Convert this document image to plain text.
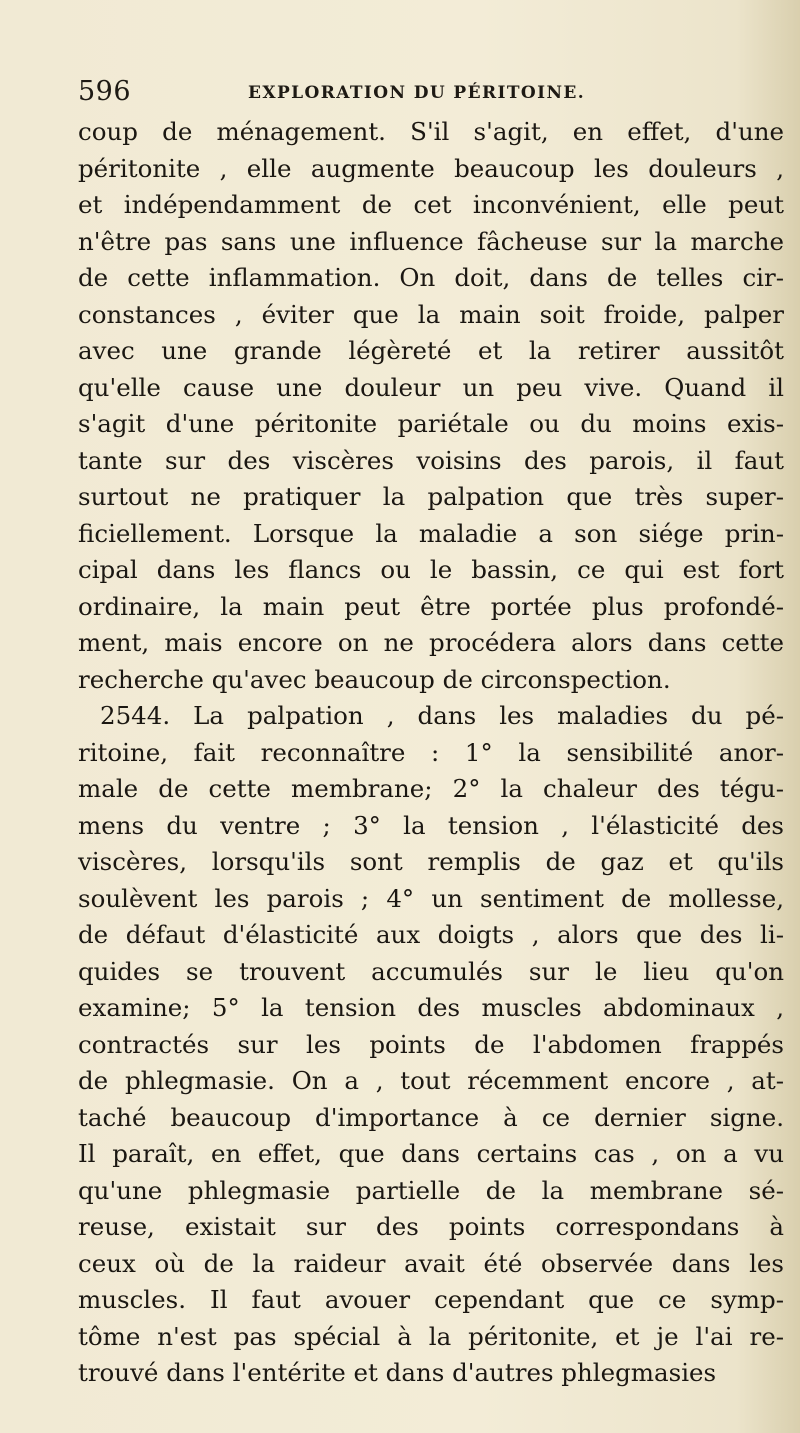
596	EXPLORATION DU PÉRITOINE.
coup de ménagement. S'il s'agit, en effet, d'une
péritonite , elle augmente beaucoup les douleurs ,
et indépendamment de cet inconvénient, elle peut
n'être pas sans une influence fâcheuse sur la marche
de cette inflammation. On doit, dans de telles cir-
constances , éviter que la main soit froide, palper
avec une grande légèreté et la retirer aussitôt
qu'elle cause une douleur un peu vive. Quand il
s'agit d'une péritonite pariétale ou du moins exis-
tante sur des viscères voisins des parois, il faut
surtout ne pratiquer la palpation que très super-
ficiellement. Lorsque la maladie a son siége prin-
cipal dans les flancs ou le bassin, ce qui est fort
ordinaire, la main peut être portée plus profondé-
ment, mais encore on ne procédera alors dans cette
recherche qu'avec beaucoup de circonspection.
2544. La palpation , dans les maladies du pé-
ritoine, fait reconnaître : 1° la sensibilité anor-
male de cette membrane; 2° la chaleur des tégu-
mens du ventre ; 3° la tension , l'élasticité des
viscères, lorsqu'ils sont remplis de gaz et qu'ils
soulèvent les parois ; 4° un sentiment de mollesse,
de défaut d'élasticité aux doigts , alors que des li-
quides se trouvent accumulés sur le lieu qu'on
examine; 5° la tension des muscles abdominaux ,
contractés sur les points de l'abdomen frappés
de phlegmasie. On a , tout récemment encore , at-
taché beaucoup d'importance à ce dernier signe.
Il paraît, en effet, que dans certains cas , on a vu
qu'une phlegmasie partielle de la membrane sé-
reuse, existait sur des points correspondans à
ceux où de la raideur avait été observée dans les
muscles. Il faut avouer cependant que ce symp-
tôme n'est pas spécial à la péritonite, et je l'ai re-
trouvé dans l'entérite et dans d'autres phlegmasies
